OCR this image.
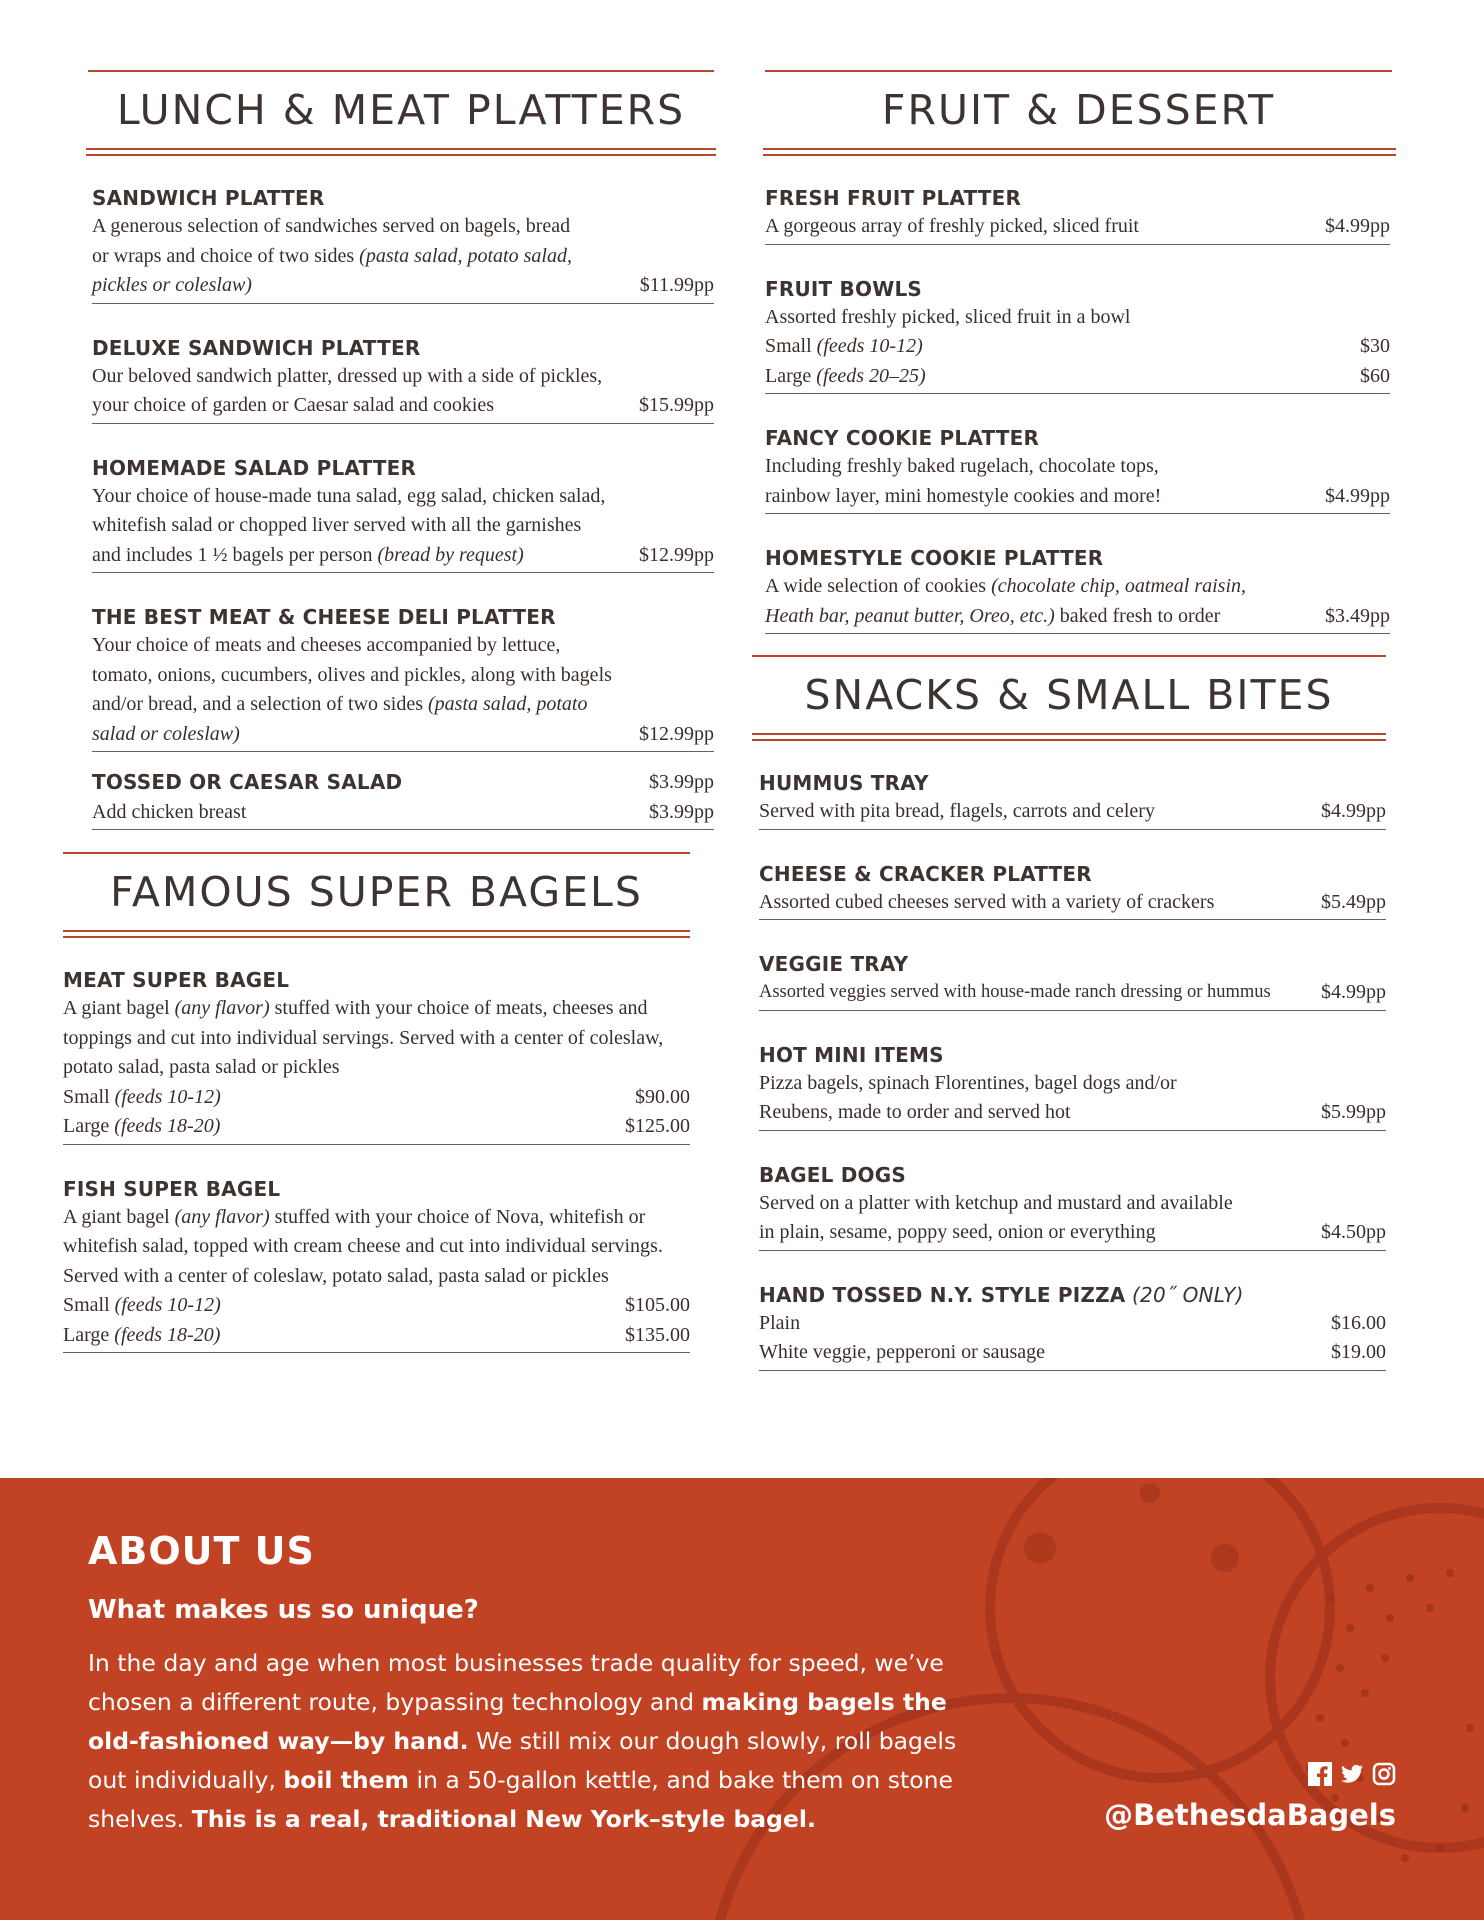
LUNCH & MEAT PLATTERS
SANDWICH PLATTER
A generous selection of sandwiches served on bagels, bread
or wraps and choice of two sides (pasta salad, potato salad,
pickles or coleslaw)	$11.99pp
DELUXE SANDWICH PLATTER
Our beloved sandwich platter, dressed up with a side of pickles,
your choice of garden or Caesar salad and cookies	$15.99pp
HOMEMADE SALAD PLATTER
Your choice of house-made tuna salad, egg salad, chicken salad,
whitefish salad or chopped liver served with all the garnishes
and includes 1 ½ bagels per person (bread by request)	$12.99pp
THE BEST MEAT & CHEESE DELI PLATTER
Your choice of meats and cheeses accompanied by lettuce,
tomato, onions, cucumbers, olives and pickles, along with bagels
and/or bread, and a selection of two sides (pasta salad, potato
salad or coleslaw)	$12.99pp
TOSSED OR CAESAR SALAD	$3.99pp
Add chicken breast	$3.99pp
FAMOUS SUPER BAGELS
MEAT SUPER BAGEL
A giant bagel (any flavor) stuffed with your choice of meats, cheeses and
toppings and cut into individual servings. Served with a center of coleslaw,
potato salad, pasta salad or pickles
Small (feeds 10-12)	$90.00
Large (feeds 18-20)	$125.00
FISH SUPER BAGEL
A giant bagel (any flavor) stuffed with your choice of Nova, whitefish or
whitefish salad, topped with cream cheese and cut into individual servings.
Served with a center of coleslaw, potato salad, pasta salad or pickles
Small (feeds 10-12)	$105.00
Large (feeds 18-20)	$135.00
FRUIT & DESSERT
FRESH FRUIT PLATTER
A gorgeous array of freshly picked, sliced fruit	$4.99pp
FRUIT BOWLS
Assorted freshly picked, sliced fruit in a bowl
Small (feeds 10-12)	$30
Large (feeds 20–25)	$60
FANCY COOKIE PLATTER
Including freshly baked rugelach, chocolate tops,
rainbow layer, mini homestyle cookies and more!	$4.99pp
HOMESTYLE COOKIE PLATTER
A wide selection of cookies (chocolate chip, oatmeal raisin,
Heath bar, peanut butter, Oreo, etc.) baked fresh to order	$3.49pp
SNACKS & SMALL BITES
HUMMUS TRAY
Served with pita bread, flagels, carrots and celery	$4.99pp
CHEESE & CRACKER PLATTER
Assorted cubed cheeses served with a variety of crackers	$5.49pp
VEGGIE TRAY
Assorted veggies served with house-made ranch dressing or hummus	$4.99pp
HOT MINI ITEMS
Pizza bagels, spinach Florentines, bagel dogs and/or
Reubens, made to order and served hot	$5.99pp
BAGEL DOGS
Served on a platter with ketchup and mustard and available
in plain, sesame, poppy seed, onion or everything	$4.50pp
HAND TOSSED N.Y. STYLE PIZZA (20˝ ONLY)
Plain	$16.00
White veggie, pepperoni or sausage	$19.00
ABOUT US
What makes us so unique?

In the day and age when most businesses trade quality for speed, we’ve chosen a different route, bypassing technology and making bagels the old-fashioned way—by hand. We still mix our dough slowly, roll bagels out individually, boil them in a 50-gallon kettle, and bake them on stone shelves. This is a real, traditional New York–style bagel.	@BethesdaBagels
